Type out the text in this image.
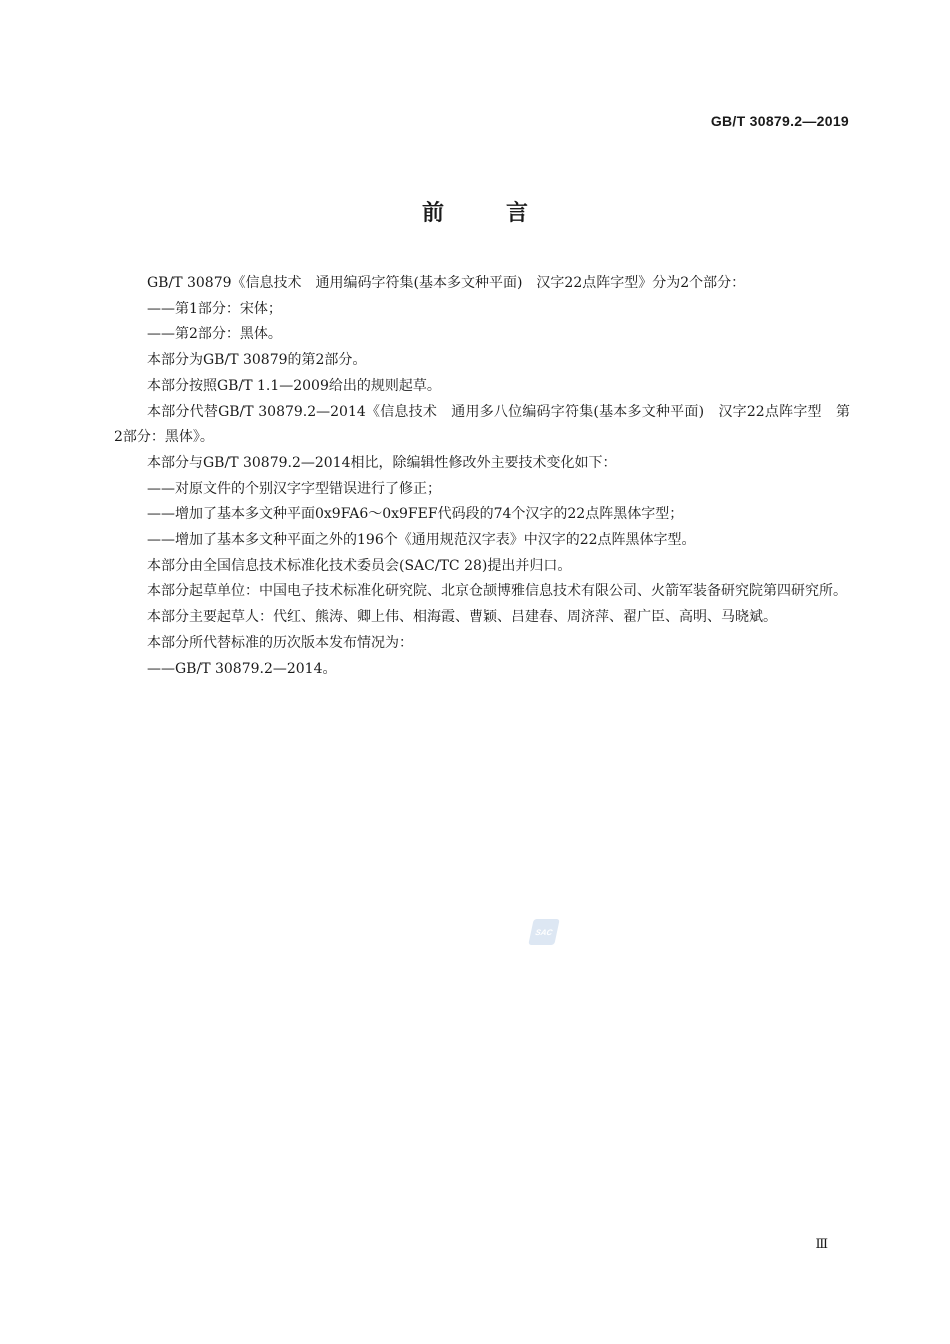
GB/T 30879.2—2019
前	言

GB/T 30879《信息技术　通用编码字符集(基本多文种平面)　汉字22点阵字型》分为2个部分：

——第1部分：宋体；

——第2部分：黑体。

本部分为GB/T 30879的第2部分。

本部分按照GB/T 1.1—2009给出的规则起草。

本部分代替GB/T 30879.2—2014《信息技术　通用多八位编码字符集(基本多文种平面)　汉字22点阵字型　第2部分：黑体》。

本部分与GB/T 30879.2—2014相比，除编辑性修改外主要技术变化如下：

——对原文件的个别汉字字型错误进行了修正；

——增加了基本多文种平面0x9FA6～0x9FEF代码段的74个汉字的22点阵黑体字型；

——增加了基本多文种平面之外的196个《通用规范汉字表》中汉字的22点阵黑体字型。

本部分由全国信息技术标准化技术委员会(SAC/TC 28)提出并归口。

本部分起草单位：中国电子技术标准化研究院、北京仓颉博雅信息技术有限公司、火箭军装备研究院第四研究所。

本部分主要起草人：代红、熊涛、卿上伟、相海霞、曹颖、吕建春、周济萍、翟广臣、高明、马晓斌。

本部分所代替标准的历次版本发布情况为：

——GB/T 30879.2—2014。

SAC
Ⅲ
